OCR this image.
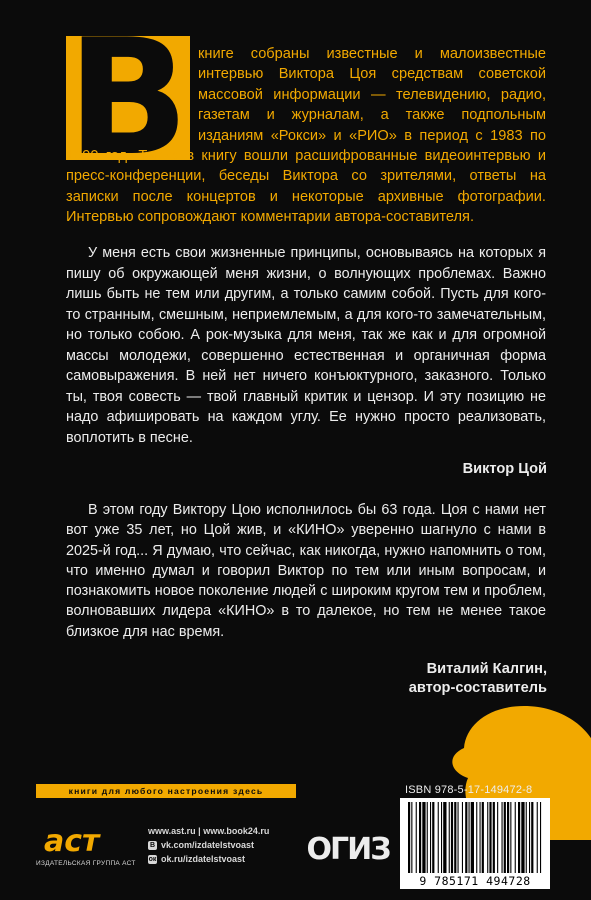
В книге собраны известные и малоизвестные интервью Виктора Цоя средствам советской массовой информации — телевидению, радио, газетам и журналам, а также подпольным изданиям «Рокси» и «РИО» в период с 1983 по 1990 год. Также в книгу вошли расшифрованные видеоинтервью и пресс-конференции, беседы Виктора со зрителями, ответы на записки после концертов и некоторые архивные фотографии. Интервью сопровождают комментарии автора-составителя.

У меня есть свои жизненные принципы, основываясь на которых я пишу об окружающей меня жизни, о волнующих проблемах. Важно лишь быть не тем или другим, а только самим собой. Пусть для кого-то странным, смешным, неприемлемым, а для кого-то замечательным, но только собою. А рок-музыка для меня, так же как и для огромной массы молодежи, совершенно естественная и органичная форма самовыражения. В ней нет ничего конъюктурного, заказного. Только ты, твоя совесть — твой главный критик и цензор. И эту позицию не надо афишировать на каждом углу. Ее нужно просто реализовать, воплотить в песне.

Виктор Цой

В этом году Виктору Цою исполнилось бы 63 года. Цоя с нами нет вот уже 35 лет, но Цой жив, и «КИНО» уверенно шагнуло с нами в 2025-й год... Я думаю, что сейчас, как никогда, нужно напомнить о том, что именно думал и говорил Виктор по тем или иным вопросам, и познакомить новое поколение людей с широким кругом тем и проблем, волновавших лидера «КИНО» в то далекое, но тем не менее такое близкое для нас время.

Виталий Калгин,
автор-составитель
книги для любого настроения здесь
аст
ИЗДАТЕЛЬСКАЯ ГРУППА АСТ
www.ast.ru | www.book24.ru
В vk.com/izdatelstvoast
ок ok.ru/izdatelstvoast ОГИЗ
ISBN 978-5-17-149472-8
9 785171 494728
